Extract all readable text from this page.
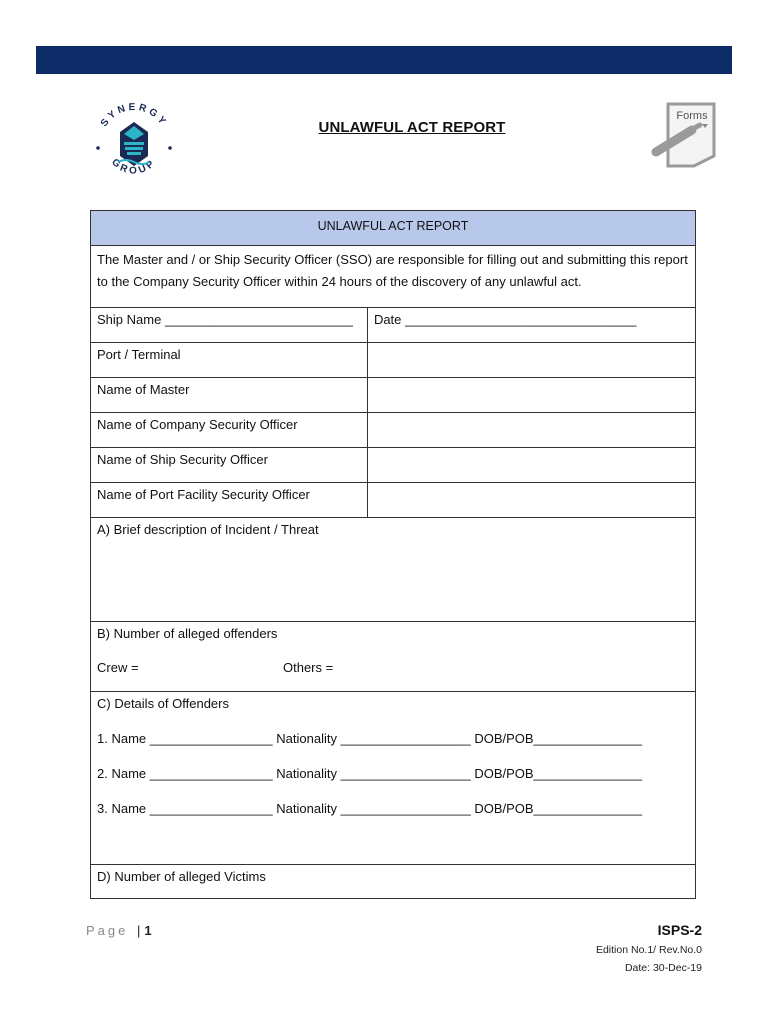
SYNERGY
GROUP
UNLAWFUL ACT REPORT
Forms
UNLAWFUL ACT REPORT	

The Master and / or Ship Security Officer (SSO) are responsible for filling out and submitting this report to the Company Security Officer within 24 hours of the discovery of any unlawful act.	

Ship Name __________________________	Date ________________________________

Port / Terminal	

Name of Master	

Name of Company Security Officer	

Name of Ship Security Officer	

Name of Port Facility Security Officer	

A) Brief description of Incident / Threat	

B) Number of alleged offenders
Crew = Others =	

C) Details of Offenders
1. Name _________________ Nationality __________________ DOB/POB_______________
2. Name _________________ Nationality __________________ DOB/POB_______________
3. Name _________________ Nationality __________________ DOB/POB_______________	

D) Number of alleged Victims	
Page | 1	ISPS-2
Edition No.1/ Rev.No.0
Date: 30-Dec-19
